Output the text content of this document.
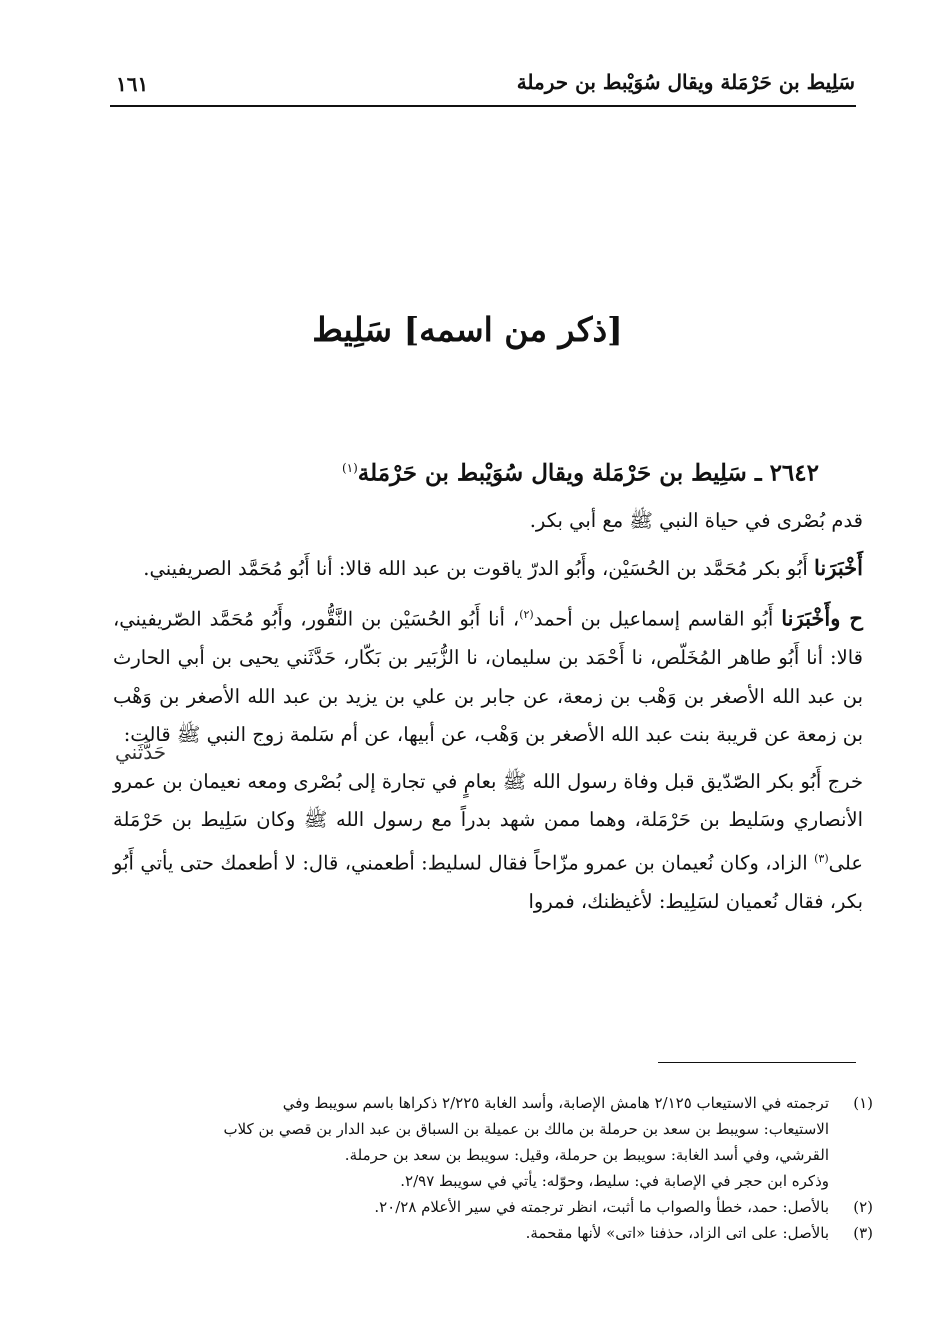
سَلِيط بن حَرْمَلة ويقال سُوَيْبط بن حرملة
١٦١
[ذكر من اسمه] سَلِيط
٢٦٤٢ ـ سَلِيط بن حَرْمَلة ويقال سُوَيْبط بن حَرْمَلة$^{(١)}$

قدم بُصْرى في حياة النبي ﷺ مع أبي بكر.

أَخْبَرَنا أَبُو بكر مُحَمَّد بن الحُسَيْن، وأَبُو الدرّ ياقوت بن عبد الله قالا: أنا أَبُو مُحَمَّد الصريفيني.

ح وأَخْبَرَنا أَبُو القاسم إسماعيل بن أحمد$^{(٢)}$، أنا أَبُو الحُسَيْن بن النَّقُّور، وأَبُو مُحَمَّد الصّريفيني، قالا: أنا أَبُو طاهر المُخَلّص، نا أَحْمَد بن سليمان، نا الزُّبَير بن بَكّار، حَدَّثَني يحيى بن أبي الحارث بن عبد الله الأصغر بن وَهْب بن زمعة، عن جابر بن علي بن يزيد بن عبد الله الأصغر بن وَهْب بن زمعة عن قريبة بنت عبد الله الأصغر بن وَهْب، عن أبيها، عن أم سَلمة زوج النبي ﷺ قالت:

خرج أَبُو بكر الصّدّيق قبل وفاة رسول الله ﷺ بعامٍ في تجارة إلى بُصْرى ومعه نعيمان بن عمرو الأنصاري وسَليط بن حَرْمَلة، وهما ممن شهد بدراً مع رسول الله ﷺ وكان سَلِيط بن حَرْمَلة على$^{(٣)}$ الزاد، وكان نُعيمان بن عمرو مزّاحاً فقال لسليط: أطعمني، قال: لا أطعمك حتى يأتي أَبُو بكر، فقال نُعميان لسَلِيط: لأغيظنك، فمروا

حَدَّثَني
(١)
ترجمته في الاستيعاب ٢/١٢٥ هامش الإصابة، وأسد الغابة ٢/٢٢٥ ذكراها باسم سويبط وفي
الاستيعاب: سويبط بن سعد بن حرملة بن مالك بن عميلة بن السباق بن عبد الدار بن قصي بن كلاب
القرشي، وفي أسد الغابة: سويبط بن حرملة، وقيل: سويبط بن سعد بن حرملة.
وذكره ابن حجر في الإصابة في: سليط، وحوّله: يأتي في سويبط ٢/٩٧.
(٢)
بالأصل: حمد، خطأ والصواب ما أثبت، انظر ترجمته في سير الأعلام ٢٠/٢٨.
(٣)
بالأصل: على اتى الزاد، حذفنا «اتى» لأنها مقحمة.
